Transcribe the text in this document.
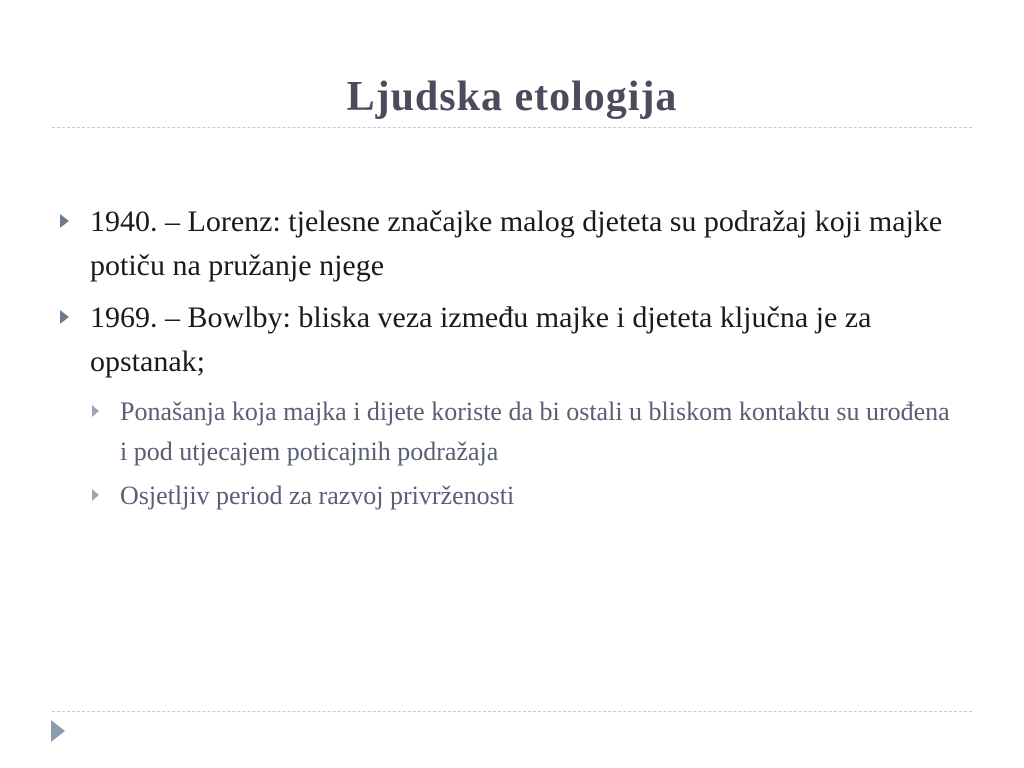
Ljudska etologija
1940. – Lorenz: tjelesne značajke malog djeteta su podražaj koji majke potiču na pružanje njege
1969. – Bowlby: bliska veza između majke i djeteta ključna je za opstanak;
Ponašanja koja majka i dijete koriste da bi ostali u bliskom kontaktu su urođena i pod utjecajem poticajnih podražaja
Osjetljiv period za razvoj privrženosti
